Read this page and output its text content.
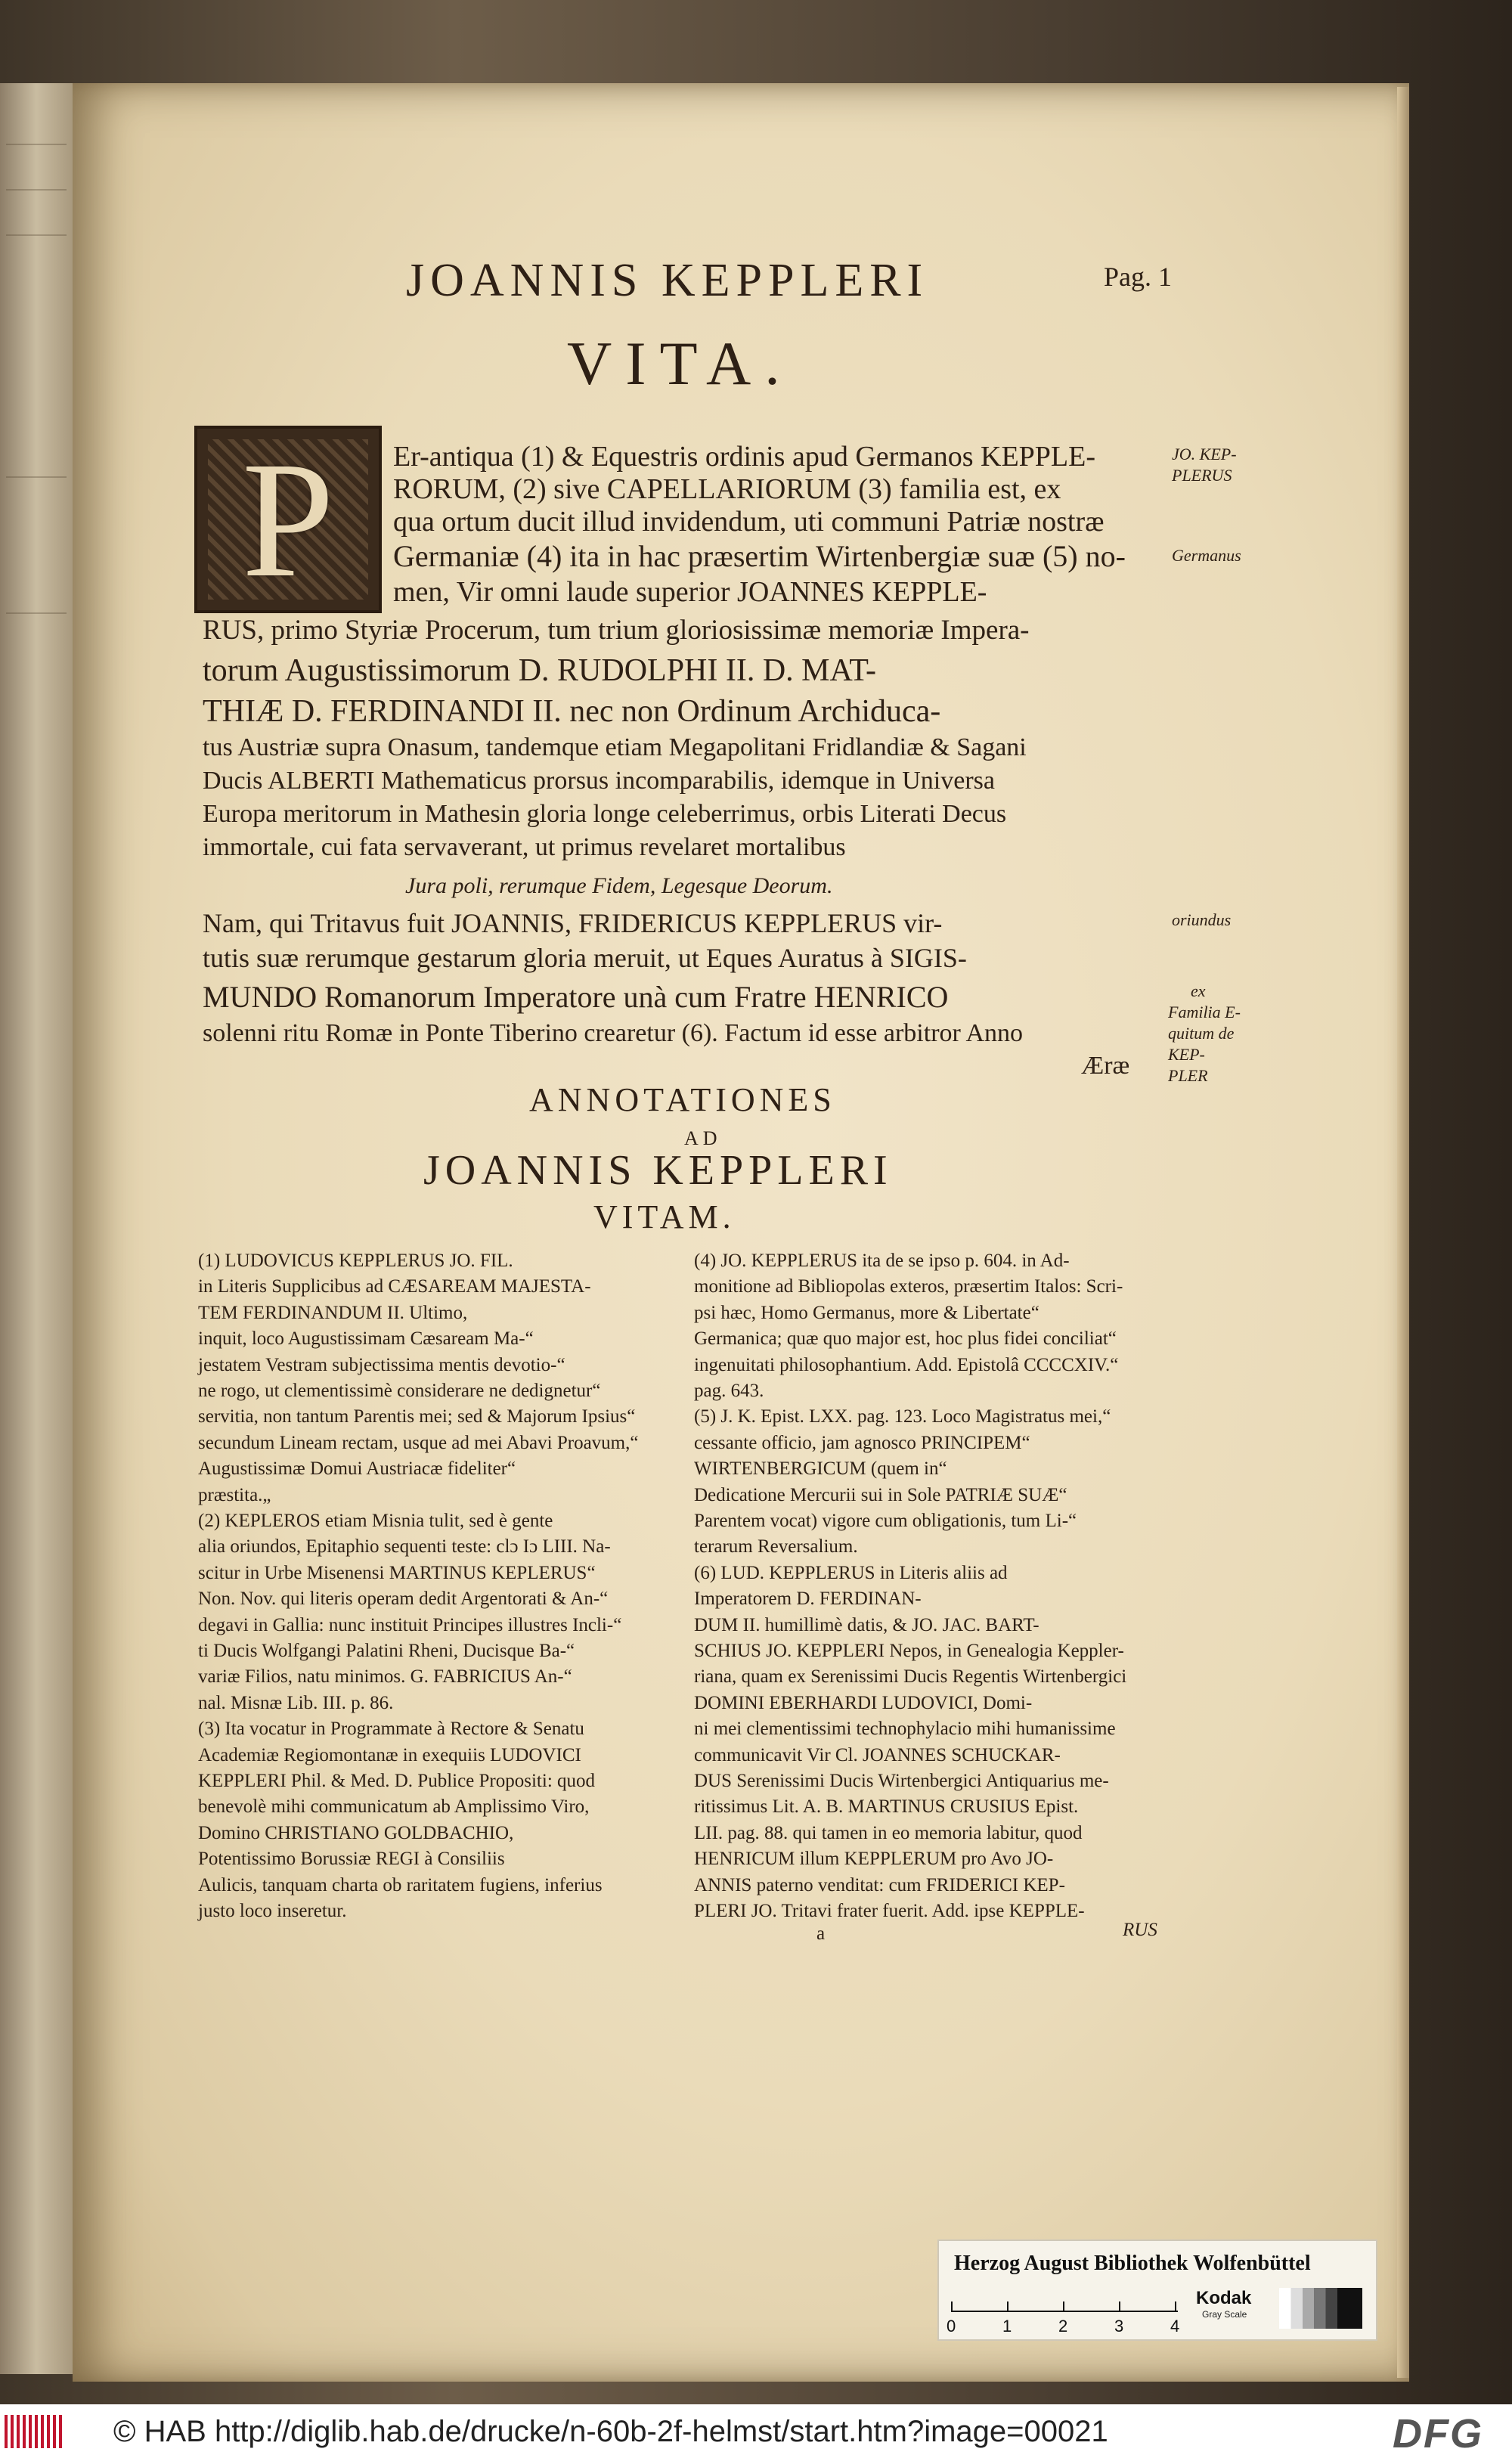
JOANNIS KEPPLERI	Pag. 1
VITA.
P	Er-antiqua (1) & Equestris ordinis apud Germanos KEPPLE-
RORUM, (2) sive CAPELLARIORUM (3) familia est, ex
qua ortum ducit illud invidendum, uti communi Patriæ nostræ
Germaniæ (4) ita in hac præsertim Wirtenbergiæ suæ (5) no-
men, Vir omni laude superior JOANNES KEPPLE-
RUS, primo Styriæ Procerum, tum trium gloriosissimæ memoriæ Impera-
torum Augustissimorum D. RUDOLPHI II. D. MAT-
THIÆ D. FERDINANDI II. nec non Ordinum Archiduca-
tus Austriæ supra Onasum, tandemque etiam Megapolitani Fridlandiæ & Sagani
Ducis ALBERTI Mathematicus prorsus incomparabilis, idemque in Universa
Europa meritorum in Mathesin gloria longe celeberrimus, orbis Literati Decus
immortale, cui fata servaverant, ut primus revelaret mortalibus
Jura poli, rerumque Fidem, Legesque Deorum.
Nam, qui Tritavus fuit JOANNIS, FRIDERICUS KEPPLERUS vir-
tutis suæ rerumque gestarum gloria meruit, ut Eques Auratus à SIGIS-
MUNDO Romanorum Imperatore unà cum Fratre HENRICO
solenni ritu Romæ in Ponte Tiberino crearetur (6). Factum id esse arbitror Anno
Æræ
JO. KEP-
PLERUS
Germanus
oriundus
ex
Familia E-
quitum de
KEP-
PLER
ANNOTATIONES
AD
JOANNIS KEPPLERI
VITAM.
(1) LUDOVICUS KEPPLERUS JO. FIL.
in Literis Supplicibus ad CÆSAREAM MAJESTA-
TEM FERDINANDUM II. Ultimo,
inquit, loco Augustissimam Cæsaream Ma-“
jestatem Vestram subjectissima mentis devotio-“
ne rogo, ut clementissimè considerare ne dedignetur“
servitia, non tantum Parentis mei; sed & Majorum Ipsius“
secundum Lineam rectam, usque ad mei Abavi Proavum,“
Augustissimæ Domui Austriacæ fideliter“
præstita.„
(2) KEPLEROS etiam Misnia tulit, sed è gente
alia oriundos, Epitaphio sequenti teste: clɔ Iɔ LIII. Na-
scitur in Urbe Misenensi MARTINUS KEPLERUS“
Non. Nov. qui literis operam dedit Argentorati & An-“
degavi in Gallia: nunc instituit Principes illustres Incli-“
ti Ducis Wolfgangi Palatini Rheni, Ducisque Ba-“
variæ Filios, natu minimos. G. FABRICIUS An-“
nal. Misnæ Lib. III. p. 86.
(3) Ita vocatur in Programmate à Rectore & Senatu
Academiæ Regiomontanæ in exequiis LUDOVICI
KEPPLERI Phil. & Med. D. Publice Propositi: quod
benevolè mihi communicatum ab Amplissimo Viro,
Domino CHRISTIANO GOLDBACHIO,
Potentissimo Borussiæ REGI à Consiliis
Aulicis, tanquam charta ob raritatem fugiens, inferius
justo loco inseretur.
(4) JO. KEPPLERUS ita de se ipso p. 604. in Ad-
monitione ad Bibliopolas exteros, præsertim Italos: Scri-
psi hæc, Homo Germanus, more & Libertate“
Germanica; quæ quo major est, hoc plus fidei conciliat“
ingenuitati philosophantium. Add. Epistolâ CCCCXIV.“
pag. 643.
(5) J. K. Epist. LXX. pag. 123. Loco Magistratus mei,“
cessante officio, jam agnosco PRINCIPEM“
WIRTENBERGICUM (quem in“
Dedicatione Mercurii sui in Sole PATRIÆ SUÆ“
Parentem vocat) vigore cum obligationis, tum Li-“
terarum Reversalium.
(6) LUD. KEPPLERUS in Literis aliis ad
Imperatorem D. FERDINAN-
DUM II. humillimè datis, & JO. JAC. BART-
SCHIUS JO. KEPPLERI Nepos, in Genealogia Keppler-
riana, quam ex Serenissimi Ducis Regentis Wirtenbergici
DOMINI EBERHARDI LUDOVICI, Domi-
ni mei clementissimi technophylacio mihi humanissime
communicavit Vir Cl. JOANNES SCHUCKAR-
DUS Serenissimi Ducis Wirtenbergici Antiquarius me-
ritissimus Lit. A. B. MARTINUS CRUSIUS Epist.
LII. pag. 88. qui tamen in eo memoria labitur, quod
HENRICUM illum KEPPLERUM pro Avo JO-
ANNIS paterno venditat: cum FRIDERICI KEP-
PLERI JO. Tritavi frater fuerit. Add. ipse KEPPLE-
RUS
a
Herzog August Bibliothek Wolfenbüttel
0	1	2	3	4
Kodak
Gray Scale
© HAB http://diglib.hab.de/drucke/n-60b-2f-helmst/start.htm?image=00021	DFG
